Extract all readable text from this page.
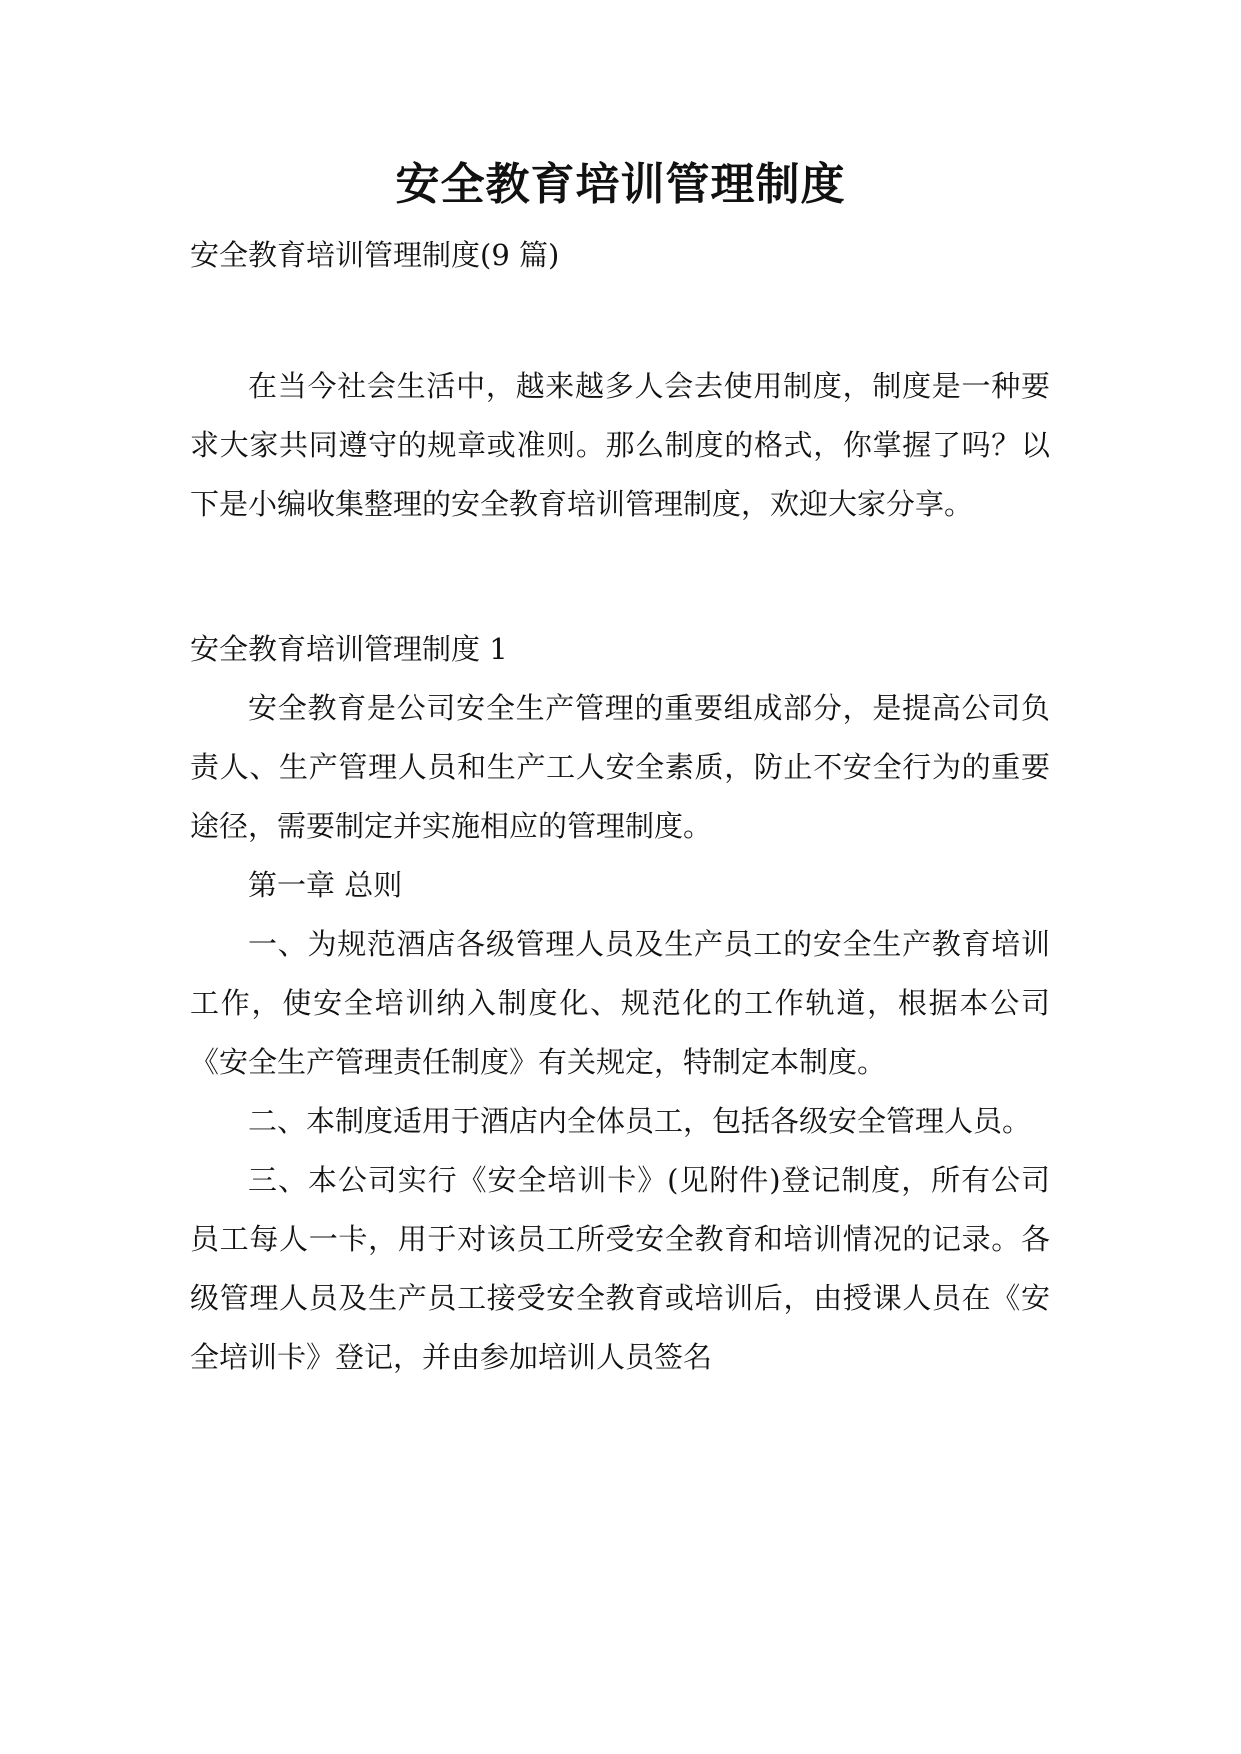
安全教育培训管理制度

安全教育培训管理制度(9 篇)

在当今社会生活中，越来越多人会去使用制度，制度是一种要求大家共同遵守的规章或准则。那么制度的格式，你掌握了吗？以下是小编收集整理的安全教育培训管理制度，欢迎大家分享。

安全教育培训管理制度 1

安全教育是公司安全生产管理的重要组成部分，是提高公司负责人、生产管理人员和生产工人安全素质，防止不安全行为的重要途径，需要制定并实施相应的管理制度。

第一章 总则

一、为规范酒店各级管理人员及生产员工的安全生产教育培训工作，使安全培训纳入制度化、规范化的工作轨道，根据本公司《安全生产管理责任制度》有关规定，特制定本制度。

二、本制度适用于酒店内全体员工，包括各级安全管理人员。

三、本公司实行《安全培训卡》(见附件)登记制度，所有公司员工每人一卡，用于对该员工所受安全教育和培训情况的记录。各级管理人员及生产员工接受安全教育或培训后，由授课人员在《安全培训卡》登记，并由参加培训人员签名
